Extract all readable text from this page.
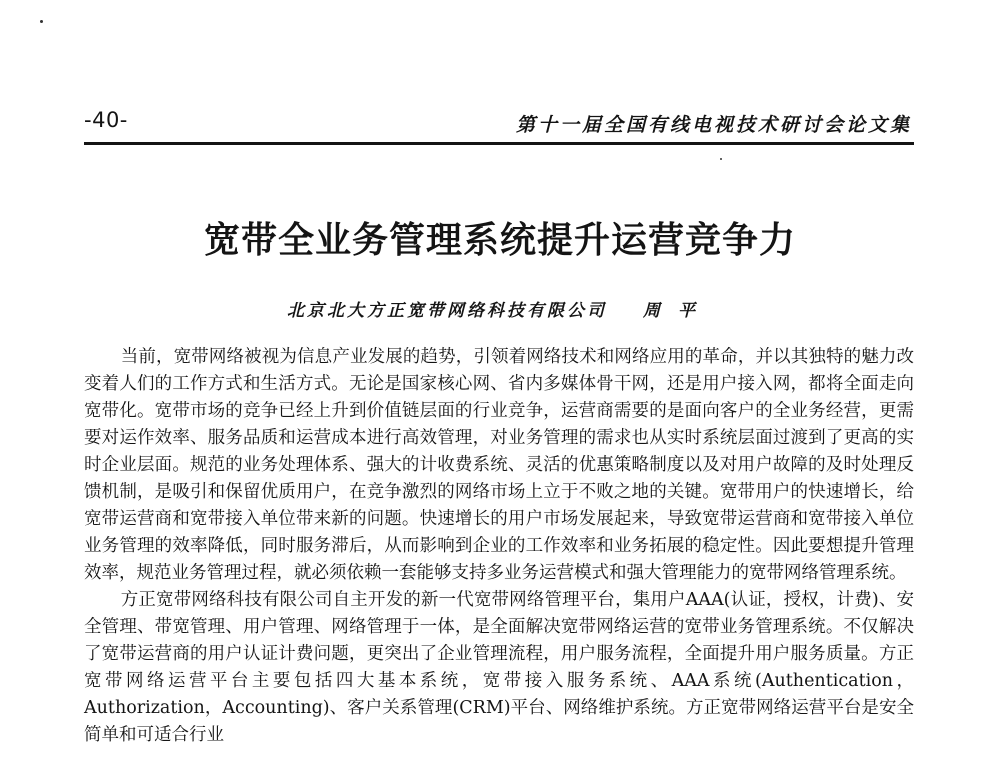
-40-	第十一届全国有线电视技术研讨会论文集
宽带全业务管理系统提升运营竞争力
北京北大方正宽带网络科技有限公司 周平

当前，宽带网络被视为信息产业发展的趋势，引领着网络技术和网络应用的革命，并以其独特的魅力改变着人们的工作方式和生活方式。无论是国家核心网、省内多媒体骨干网，还是用户接入网，都将全面走向宽带化。宽带市场的竞争已经上升到价值链层面的行业竞争，运营商需要的是面向客户的全业务经营，更需要对运作效率、服务品质和运营成本进行高效管理，对业务管理的需求也从实时系统层面过渡到了更高的实时企业层面。规范的业务处理体系、强大的计收费系统、灵活的优惠策略制度以及对用户故障的及时处理反馈机制，是吸引和保留优质用户，在竞争激烈的网络市场上立于不败之地的关键。宽带用户的快速增长，给宽带运营商和宽带接入单位带来新的问题。快速增长的用户市场发展起来，导致宽带运营商和宽带接入单位业务管理的效率降低，同时服务滞后，从而影响到企业的工作效率和业务拓展的稳定性。因此要想提升管理效率，规范业务管理过程，就必须依赖一套能够支持多业务运营模式和强大管理能力的宽带网络管理系统。

方正宽带网络科技有限公司自主开发的新一代宽带网络管理平台，集用户AAA(认证，授权，计费)、安全管理、带宽管理、用户管理、网络管理于一体，是全面解决宽带网络运营的宽带业务管理系统。不仅解决了宽带运营商的用户认证计费问题，更突出了企业管理流程，用户服务流程，全面提升用户服务质量。方正宽带网络运营平台主要包括四大基本系统，宽带接入服务系统、AAA系统(Authentication，Authorization，Accounting)、客户关系管理(CRM)平台、网络维护系统。方正宽带网络运营平台是安全简单和可适合行业
